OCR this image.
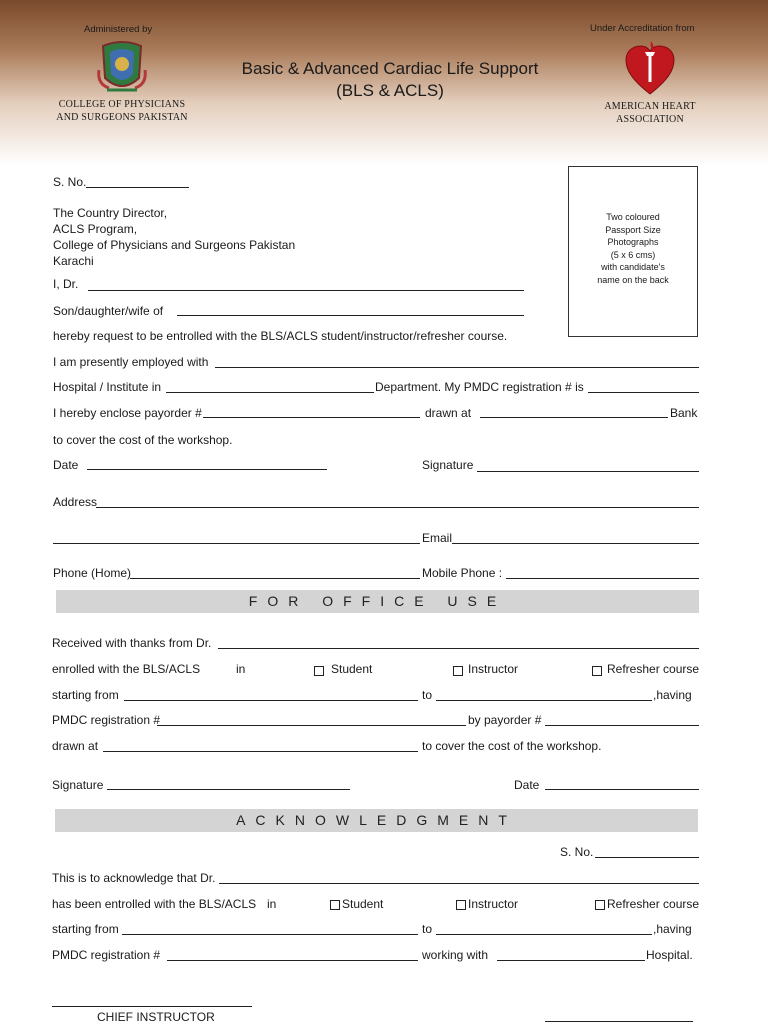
Administered by
COLLEGE OF PHYSICIANS
AND SURGEONS PAKISTAN
Basic & Advanced Cardiac Life Support
(BLS & ACLS)
Under Accreditation from
AMERICAN HEART
ASSOCIATION
Two coloured
Passport Size
Photographs
(5 x 6 cms)
with candidate's
name on the back
S. No.
The Country Director,
ACLS Program,
College of Physicians and Surgeons Pakistan
Karachi
I, Dr.
Son/daughter/wife of
hereby request to be entrolled with the BLS/ACLS student/instructor/refresher course.
I am presently employed with
Hospital / Institute in	Department. My PMDC registration # is
I hereby enclose payorder #	drawn at	Bank
to cover the cost of the workshop.
Date	Signature
Address
Email
Phone (Home)	Mobile Phone :
FOR OFFICE USE
Received with thanks from Dr.
enrolled with the BLS/ACLS	in	Student	Instructor	Refresher course
starting from	to	,having
PMDC registration #	by payorder #
drawn at	to cover the cost of the workshop.
Signature	Date
ACKNOWLEDGMENT
S. No.
This is to acknowledge that Dr.
has been entrolled with the BLS/ACLS in	Student	Instructor	Refresher course
starting from	to	,having
PMDC registration #	working with	Hospital.
CHIEF INSTRUCTOR
